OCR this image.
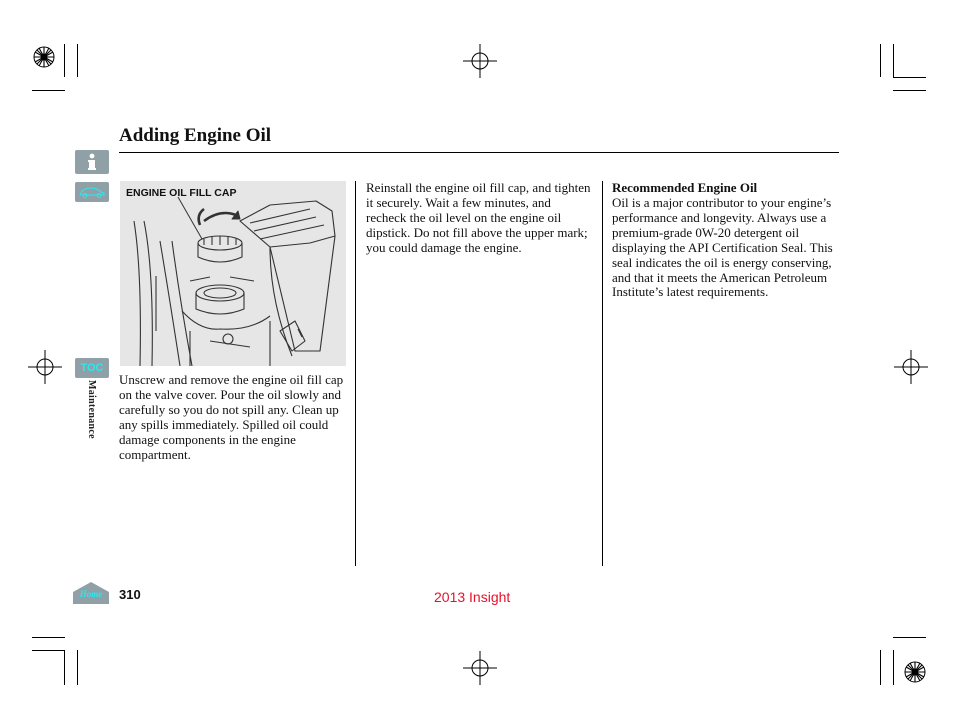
Adding Engine Oil
TOC
Maintenance
Home
ENGINE OIL FILL CAP
Unscrew and remove the engine oil fill cap on the valve cover. Pour the oil slowly and carefully so you do not spill any. Clean up any spills immediately. Spilled oil could damage components in the engine compartment.
Reinstall the engine oil fill cap, and tighten it securely. Wait a few minutes, and recheck the oil level on the engine oil dipstick. Do not fill above the upper mark; you could damage the engine.
Recommended Engine Oil
Oil is a major contributor to your engine’s performance and longevity. Always use a premium-grade 0W-20 detergent oil displaying the API Certification Seal. This seal indicates the oil is energy conserving, and that it meets the American Petroleum Institute’s latest requirements.
310	2013 Insight
